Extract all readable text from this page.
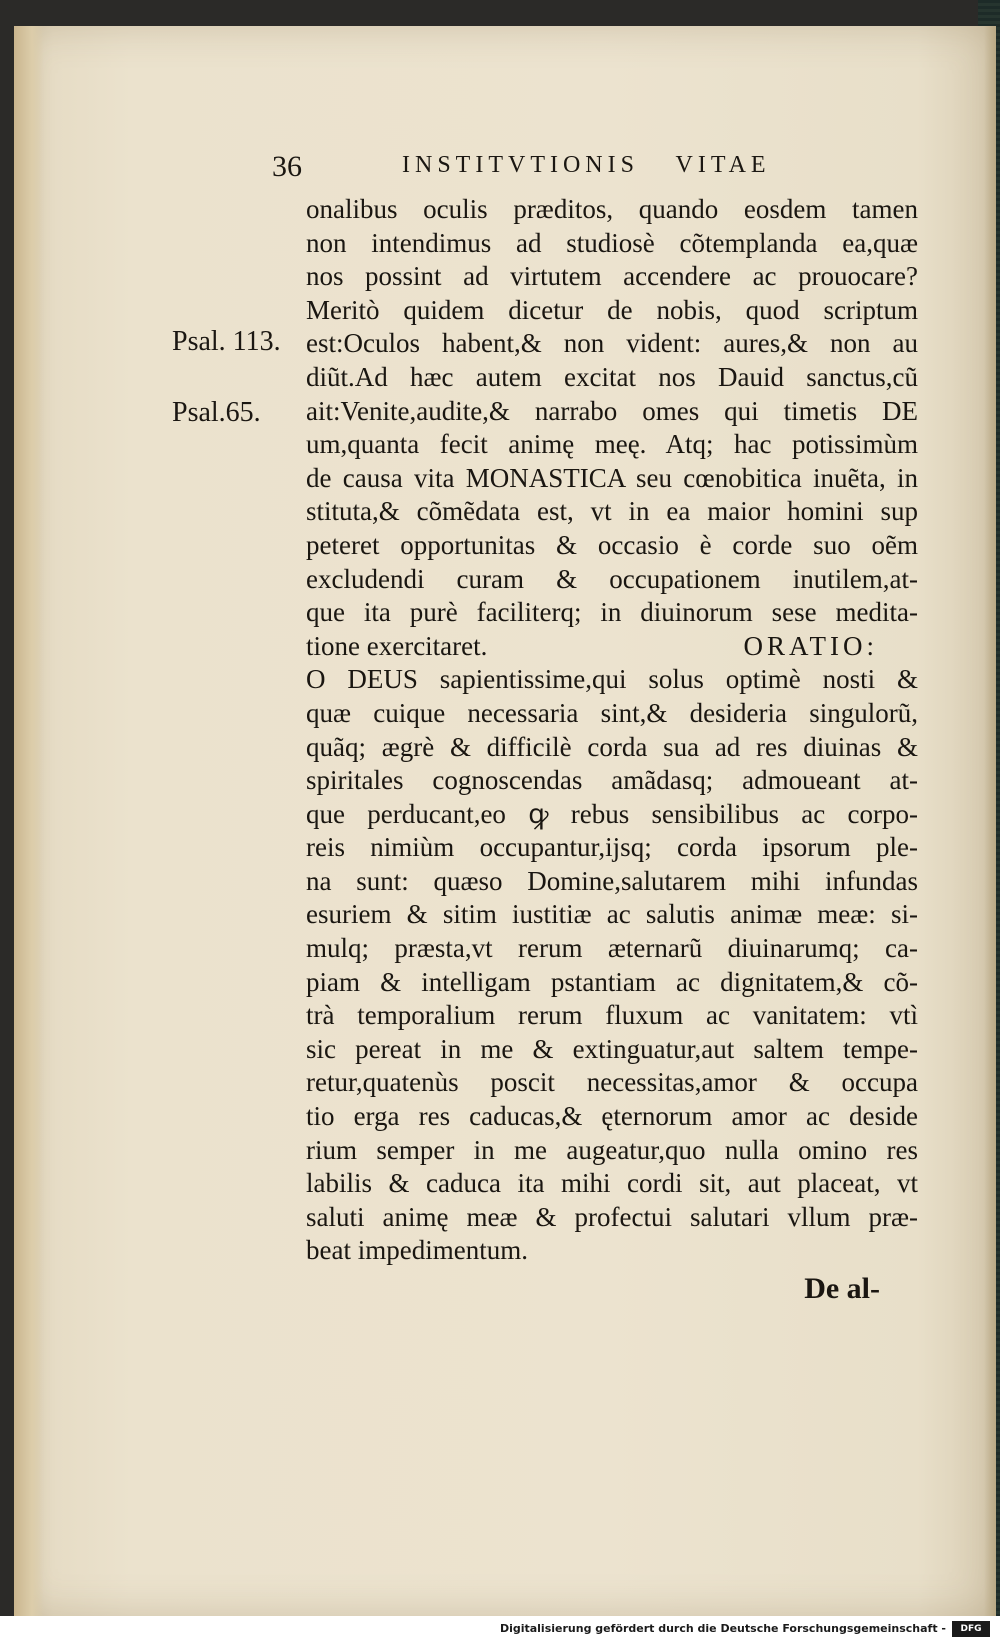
36	INSTITVTIONIS VITAE
Psal. 113.
Psal.65.
onalibus oculis præditos, quando eosdem tamen
non intendimus ad studiosè cõtemplanda ea,quæ
nos possint ad virtutem accendere ac prouocare?
Meritò quidem dicetur de nobis, quod scriptum
est:Oculos habent,& non vident: aures,& non au
diũt.Ad hæc autem excitat nos Dauid sanctus,cũ
ait:Venite,audite,& narrabo omes qui timetis DE
um,quanta fecit animę meę. Atq; hac potissimùm
de causa vita MONASTICA seu cœnobitica inuẽta, in
stituta,& cõmẽdata est, vt in ea maior homini sup
peteret opportunitas & occasio è corde suo oẽm
excludendi curam & occupationem inutilem,at-
que ita purè faciliterq; in diuinorum sese medita-
tione exercitaret.	ORATIO:
O DEUS sapientissime,qui solus optimè nosti &
quæ cuique necessaria sint,& desideria singulorũ,
quãq; ægrè & difficilè corda sua ad res diuinas &
spiritales cognoscendas amãdasq; admoueant at-
que perducant,eo ꝙ rebus sensibilibus ac corpo-
reis nimiùm occupantur,ijsq; corda ipsorum ple-
na sunt: quæso Domine,salutarem mihi infundas
esuriem & sitim iustitiæ ac salutis animæ meæ: si-
mulq; præsta,vt rerum æternarũ diuinarumq; ca-
piam & intelligam pstantiam ac dignitatem,& cõ-
trà temporalium rerum fluxum ac vanitatem: vtì
sic pereat in me & extinguatur,aut saltem tempe-
retur,quatenùs poscit necessitas,amor & occupa
tio erga res caducas,& ęternorum amor ac deside
rium semper in me augeatur,quo nulla omino res
labilis & caduca ita mihi cordi sit, aut placeat, vt
saluti animę meæ & profectui salutari vllum præ-
beat impedimentum.
De al-
Digitalisierung gefördert durch die Deutsche Forschungsgemeinschaft -	DFG
